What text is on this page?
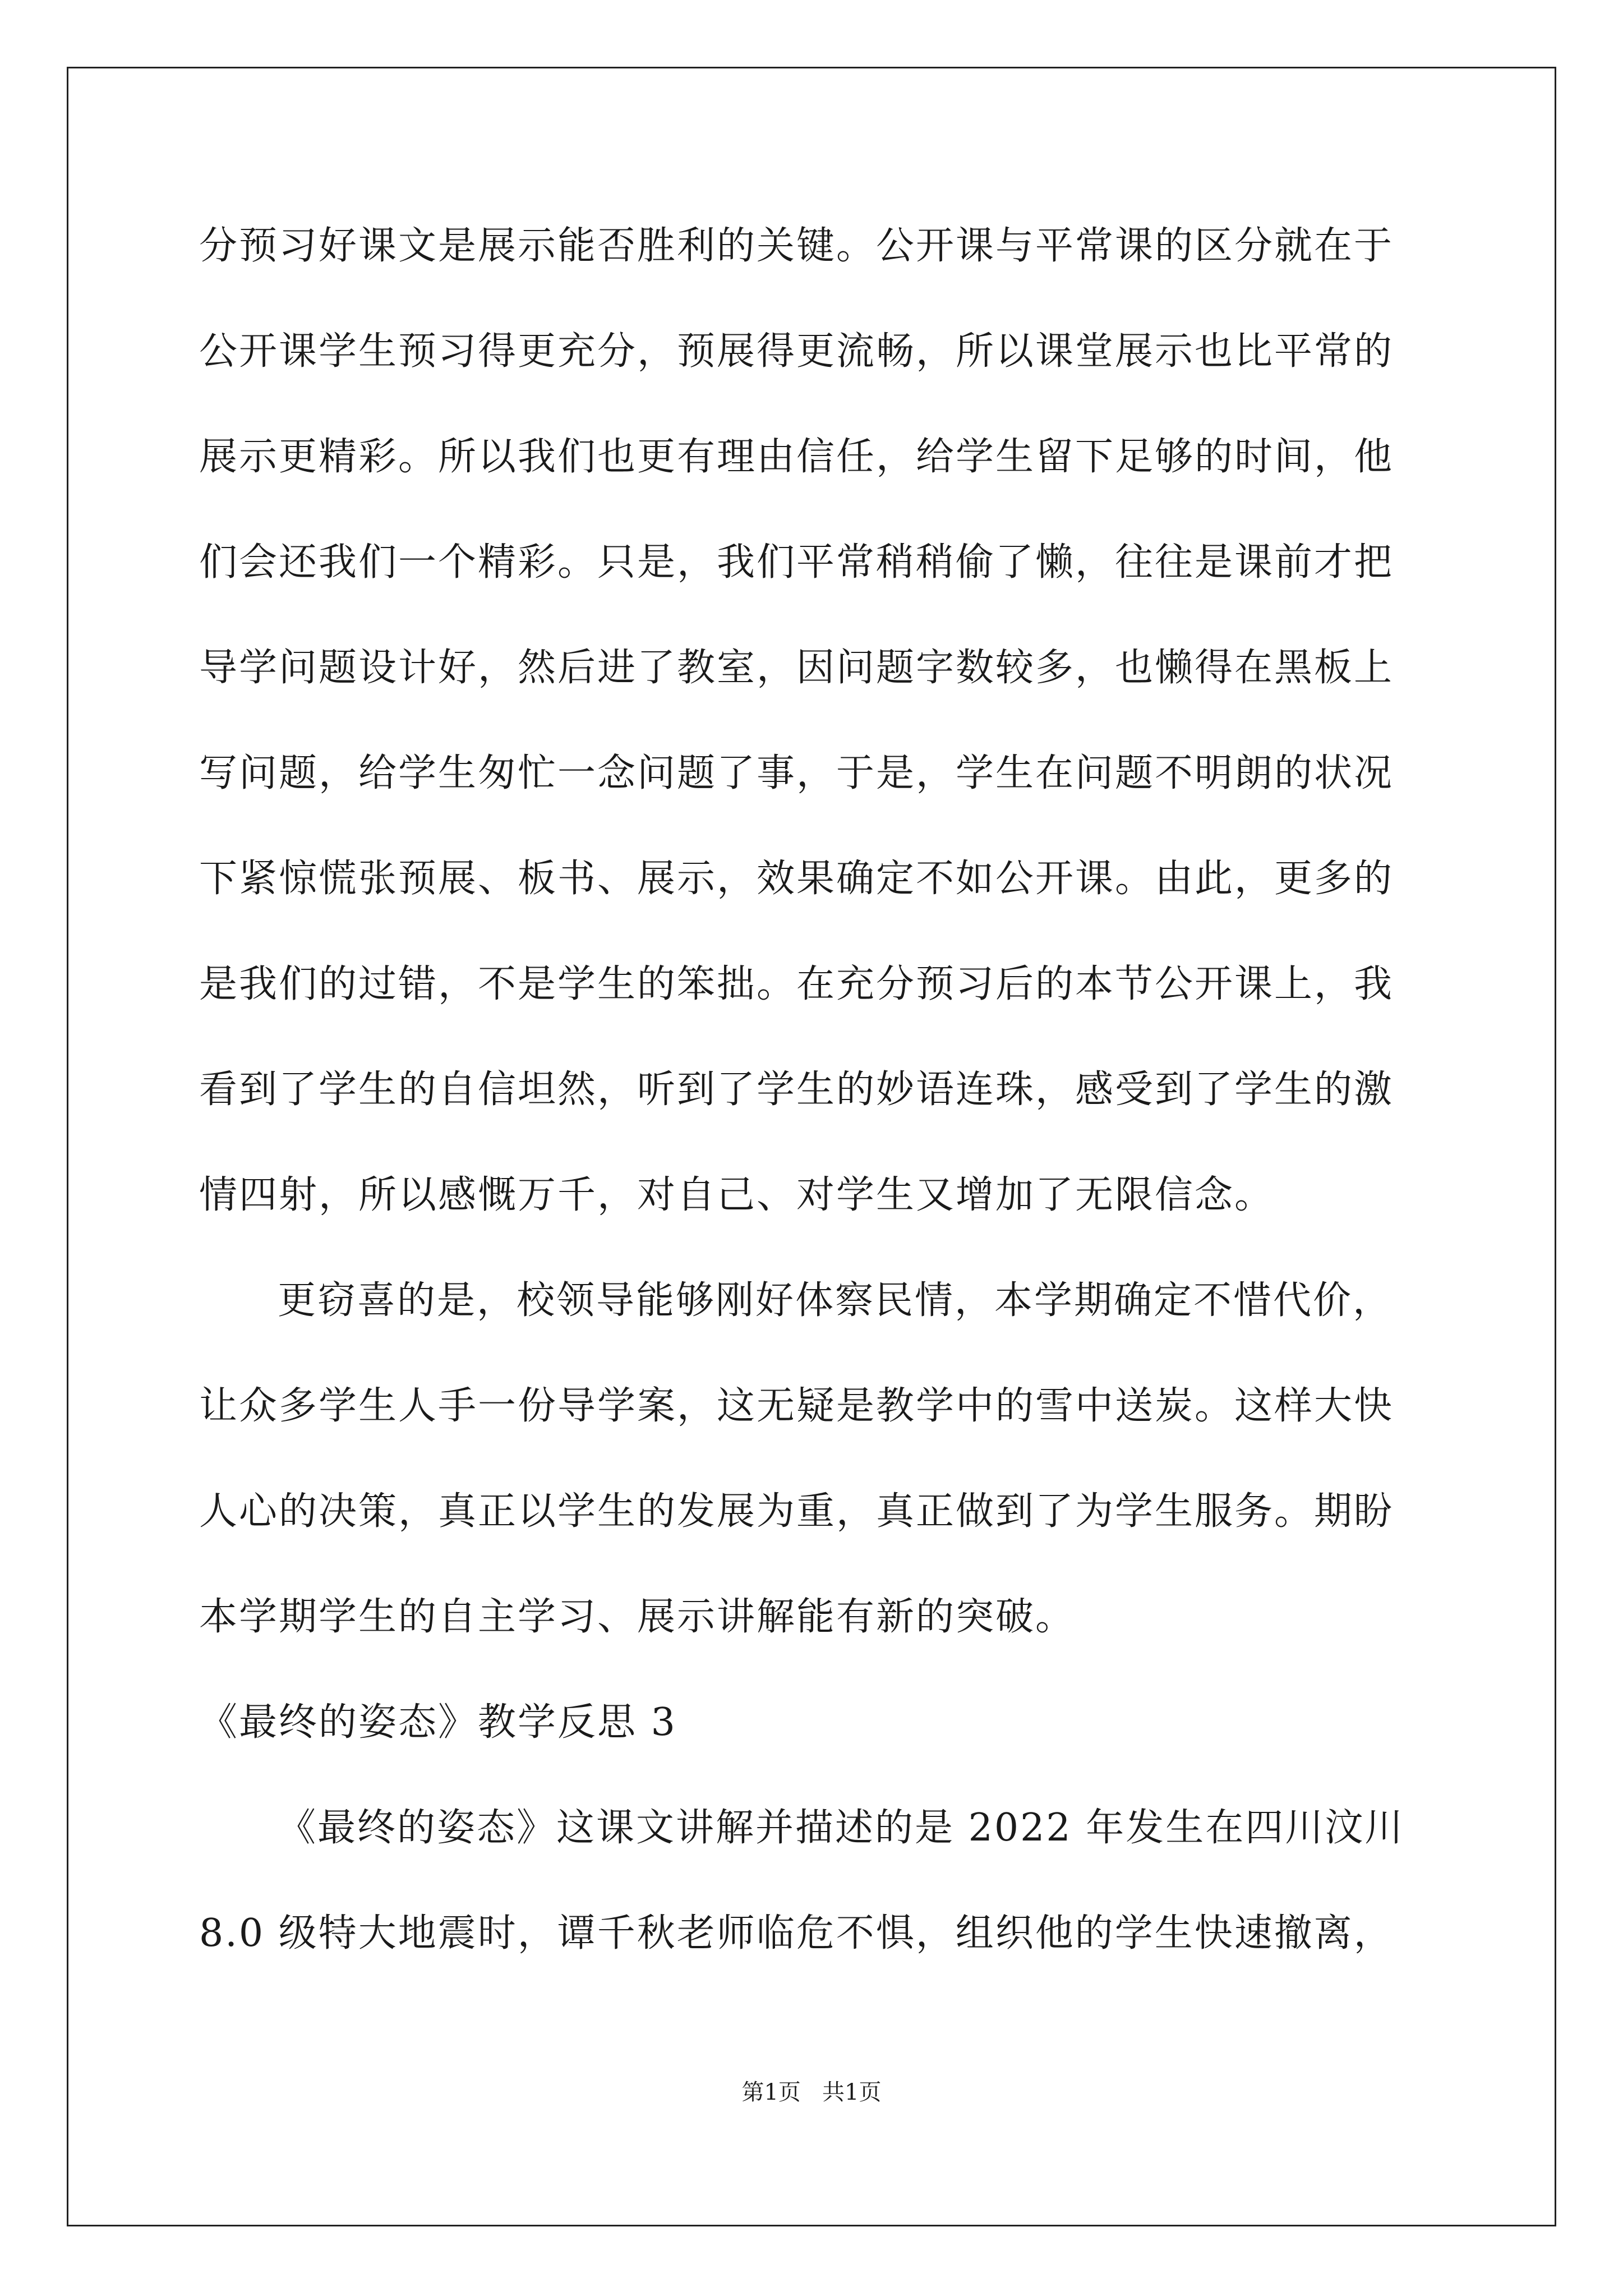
分预习好课文是展示能否胜利的关键。公开课与平常课的区分就在于
公开课学生预习得更充分，预展得更流畅，所以课堂展示也比平常的
展示更精彩。所以我们也更有理由信任，给学生留下足够的时间，他
们会还我们一个精彩。只是，我们平常稍稍偷了懒，往往是课前才把
导学问题设计好，然后进了教室，因问题字数较多，也懒得在黑板上
写问题，给学生匆忙一念问题了事，于是，学生在问题不明朗的状况
下紧惊慌张预展、板书、展示，效果确定不如公开课。由此，更多的
是我们的过错，不是学生的笨拙。在充分预习后的本节公开课上，我
看到了学生的自信坦然，听到了学生的妙语连珠，感受到了学生的激
情四射，所以感慨万千，对自己、对学生又增加了无限信念。
更窃喜的是，校领导能够刚好体察民情，本学期确定不惜代价，
让众多学生人手一份导学案，这无疑是教学中的雪中送炭。这样大快
人心的决策，真正以学生的发展为重，真正做到了为学生服务。期盼
本学期学生的自主学习、展示讲解能有新的突破。
《最终的姿态》教学反思 3
《最终的姿态》这课文讲解并描述的是 2022 年发生在四川汶川
8.0 级特大地震时，谭千秋老师临危不惧，组织他的学生快速撤离，
第1页   共1页
